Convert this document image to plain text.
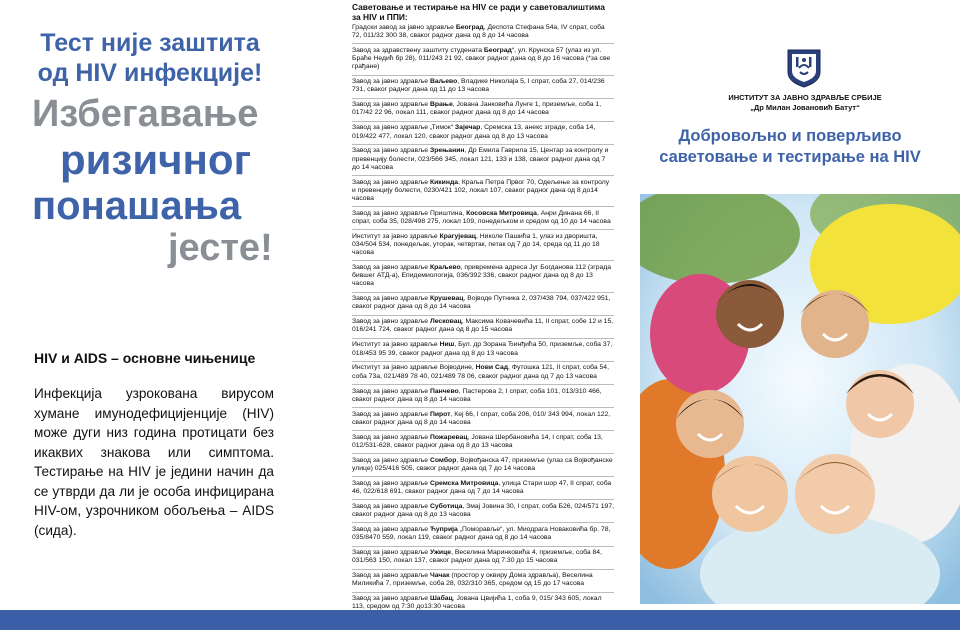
Тест није заштита
од HIV инфекције!
Избегавање
ризичног
понашања
јесте!
HIV и AIDS – основне чињенице
Инфекција узрокована вирусом хумане имунодефицијенције (HIV) може дуги низ година протицати без икаквих знакова или симптома. Тестирање на HIV је једини начин да се утврди да ли је особа инфицирана HIV-ом, узрочником обољења – AIDS (сида).
Саветовање и тестирање на HIV се ради у саветовалиштима за HIV и ППИ:
Градски завод за јавно здравље Београд, Деспота Стефана 54а, IV спрат, соба 72, 011/32 300 38, сваког радног дана од 8 до 14 часова
Завод за здравствену заштиту студената Београд“, ул. Крунска 57 (улаз из ул. Браће Недић бр 28), 011/243 21 92, сваког радног дана од 8 до 16 часова (*за све грађане)
Завод за јавно здравље Ваљево, Владике Николаја 5, I спрат, соба 27, 014/236 731, сваког радног дана од 11 до 13 часова
Завод за јавно здравље Врање, Јована Јанковића Лунге 1, приземље, соба 1, 017/42 22 96, локал 111, сваког радног дана од 8 до 14 часова
Завод за јавно здравље „Тимок“ Зајечар, Сремска 13, анекс зграде, соба 14, 019/422 477, локал 120, сваког радног дана од 8 до 13 часова
Завод за јавно здравље Зрењанин, Др Емила Гаврила 15, Центар за контролу и превенцију болести, 023/566 345, локал 121, 133 и 138, сваког радног дана од 7 до 14 часова
Завод за јавно здравље Кикинда, Краља Петра Првог 70, Одељење за контролу и превенцију болести, 0230/421 102, локал 107, сваког радног дана од 8 до14 часова
Завод за јавно здравље Приштина, Косовска Митровица, Анри Динана 66, II спрат, соба 35, 028/498 275, локал 109, понедељком и средом од 10 до 14 часова
Институт за јавно здравље Крагујевац, Николе Пашића 1, улаз из дворишта, 034/504 534, понедељак, уторак, четвртак, петак од 7 до 14, среда од 11 до 18 часова
Завод за јавно здравље Краљево, привремена адреса Југ Богданова 112 (зграда бившег АТД-а), Епидемиологија, 036/392 336, сваког радног дана од 8 до 13 часова
Завод за јавно здравље Крушевац, Војводе Путника 2, 037/438 794, 037/422 951, сваког радног дана од 8 до 14 часова
Завод за јавно здравље Лесковац, Максима Ковачевића 11, II спрат, собе 12 и 15, 016/241 724, сваког радног дана од 8 до 15 часова
Институт за јавно здравље Ниш, Бул. др Зорана Ђинђића 50, приземље, соба 37, 018/453 95 39, сваког радног дана од 8 до 13 часова
Институт за јавно здравље Војводине, Нови Сад, Футошка 121, II спрат, соба 54, соба 73а, 021/489 78 40, 021/489 78 06, сваког радног дана од 7 до 13 часова
Завод за јавно здравље Панчево, Пастерова 2, I спрат, соба 101, 013/310 466, сваког радног дана од 8 до 14 часова
Завод за јавно здравље Пирот, Кеј 66, I спрат, соба 206, 010/ 343 994, локал 122, сваког радног дана од 8 до 14 часова
Завод за јавно здравље Пожаревац, Јована Шербановића 14, I спрат, соба 13, 012/531-628, сваког радног дана од 8 до 13 часова
Завод за јавно здравље Сомбор, Војвођанска 47, приземље (улаз са Војвођанске улице) 025/416 505, сваког радног дана од 7 до 14 часова
Завод за јавно здравље Сремска Митровица, улица Стари шор 47, II спрат, соба 46, 022/618 691, сваког радног дана од 7 до 14 часова
Завод за јавно здравље Суботица, Змај Јовина 30, I спрат, соба Б26, 024/571 197, сваког радног дана од 8 до 13 часова
Завод за јавно здравље Ћуприја „Поморавље“, ул. Миодрага Новаковића бр. 78, 035/8470 559, локал 119, сваког радног дана од 8 до 14 часова
Завод за јавно здравље Ужице, Веселина Маринковића 4, приземље, соба 84, 031/563 150, локал 137, сваког радног дана од 7:30 до 15 часова
Завод за јавно здравље Чачак (простор у оквиру Дома здравља), Веселина Миликића 7, приземље, соба 28, 032/310 365, средом од 15 до 17 часова
Завод за јавно здравље Шабац, Јована Цвијића 1, соба 9, 015/ 343 605, локал 113, средом од 7:30 до13:30 часова
ИНСТИТУТ ЗА ЈАВНО ЗДРАВЉЕ СРБИЈЕ
„Др Милан Јовановић Батут“
Добровољно и поверљиво
саветовање и тестирање на HIV
